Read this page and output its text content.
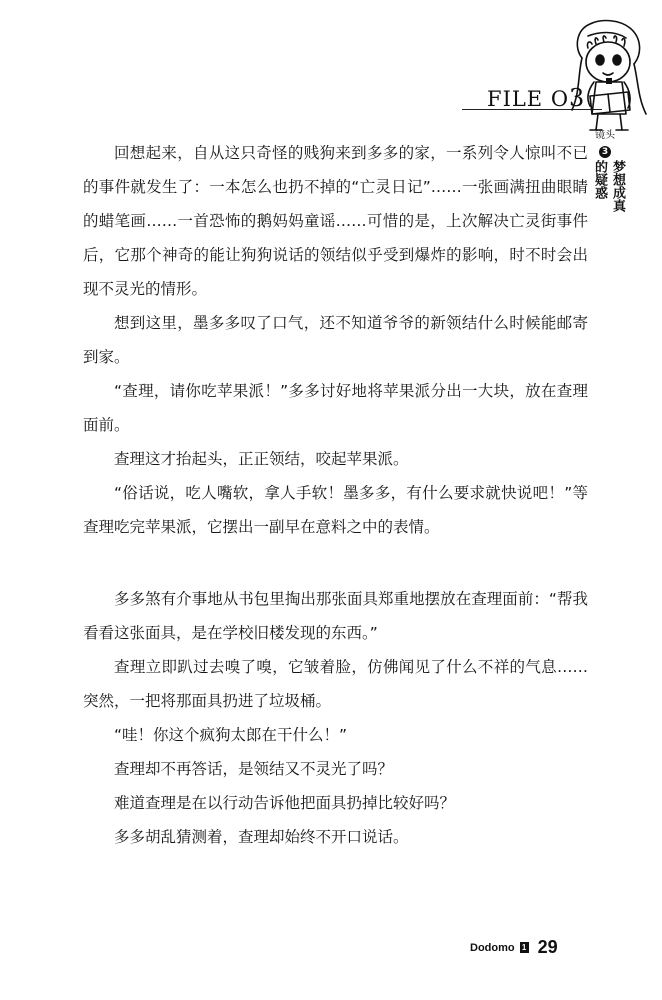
FILE O3
镜头
3
梦想成真
的疑惑

回想起来，自从这只奇怪的贱狗来到多多的家，一系列令人惊叫不已的事件就发生了：一本怎么也扔不掉的“亡灵日记”……一张画满扭曲眼睛的蜡笔画……一首恐怖的鹅妈妈童谣……可惜的是，上次解决亡灵街事件后，它那个神奇的能让狗狗说话的领结似乎受到爆炸的影响，时不时会出现不灵光的情形。

想到这里，墨多多叹了口气，还不知道爷爷的新领结什么时候能邮寄到家。

“查理，请你吃苹果派！”多多讨好地将苹果派分出一大块，放在查理面前。

查理这才抬起头，正正领结，咬起苹果派。

“俗话说，吃人嘴软，拿人手软！墨多多，有什么要求就快说吧！”等查理吃完苹果派，它摆出一副早在意料之中的表情。

多多煞有介事地从书包里掏出那张面具郑重地摆放在查理面前：“帮我看看这张面具，是在学校旧楼发现的东西。”

查理立即趴过去嗅了嗅，它皱着脸，仿佛闻见了什么不祥的气息……突然，一把将那面具扔进了垃圾桶。

“哇！你这个疯狗太郎在干什么！”

查理却不再答话，是领结又不灵光了吗？

难道查理是在以行动告诉他把面具扔掉比较好吗？

多多胡乱猜测着，查理却始终不开口说话。

Dodomo 1 29
